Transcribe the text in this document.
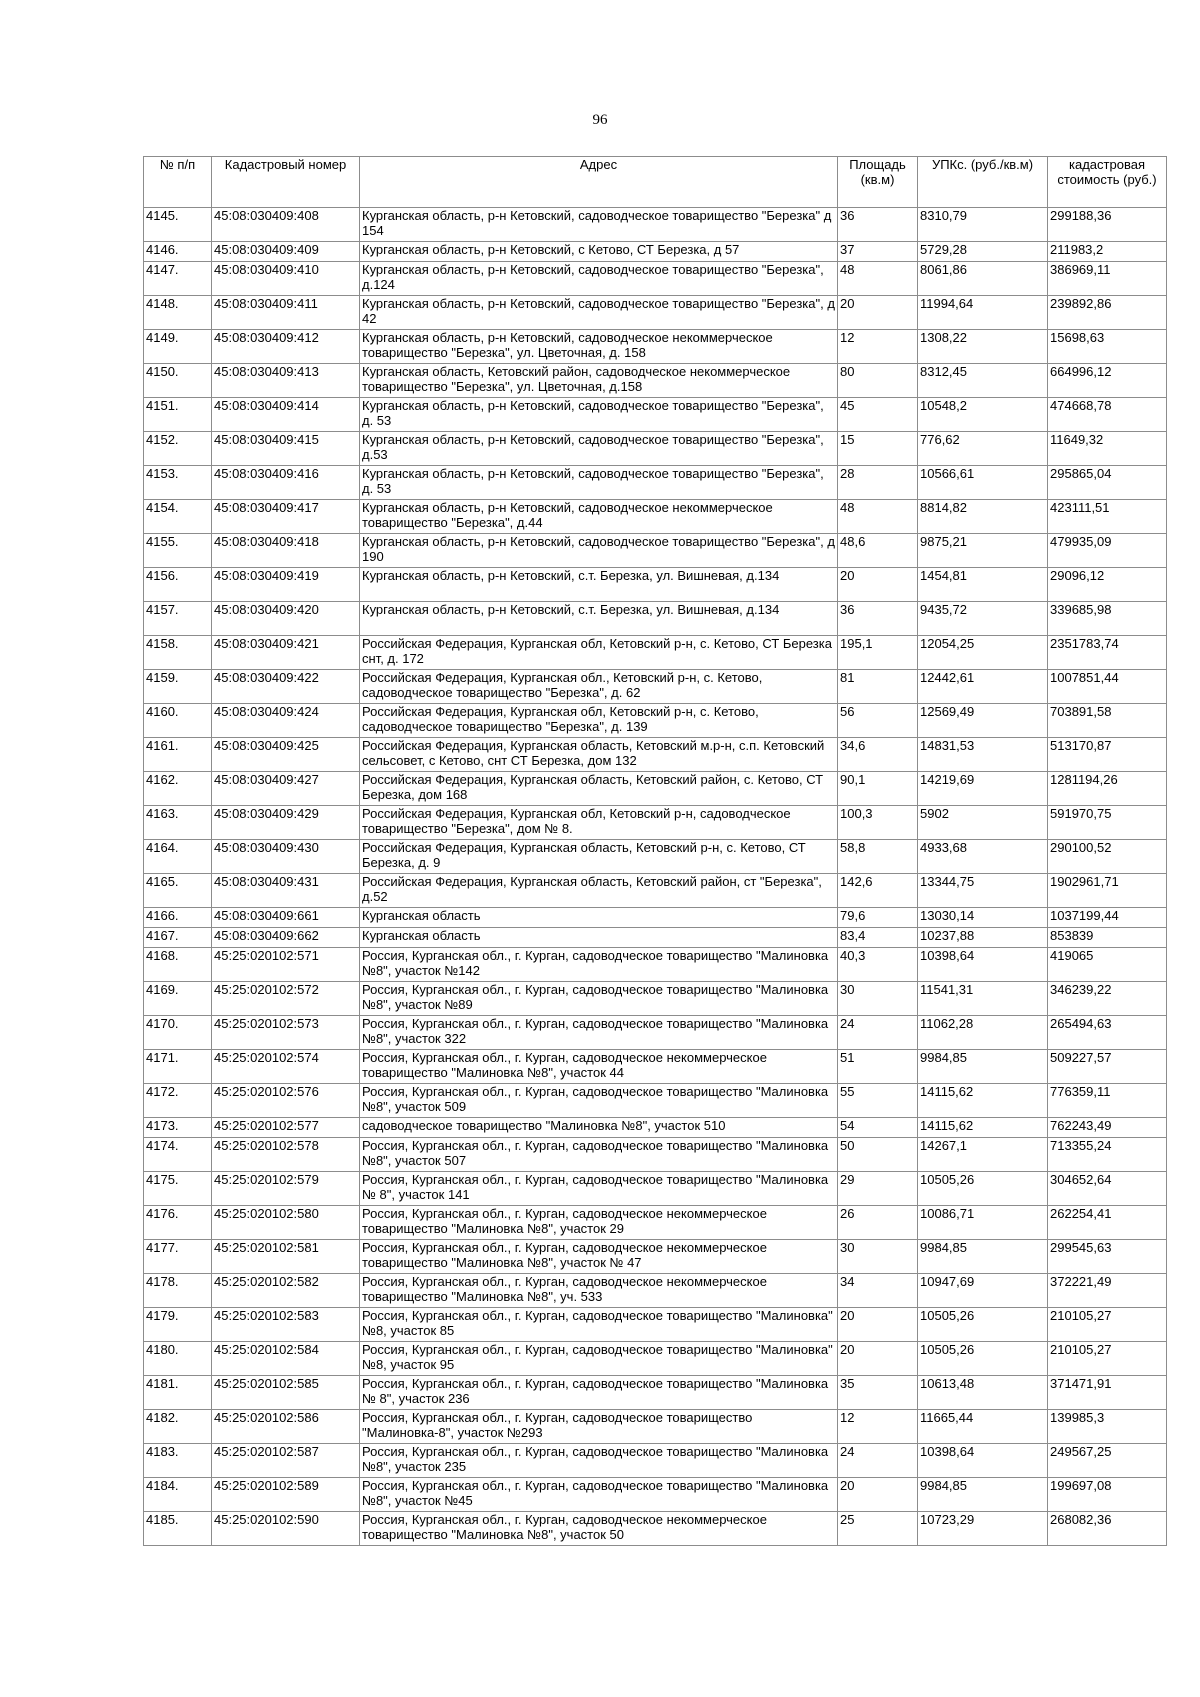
96
№ п/п	Кадастровый номер	Адрес	Площадь (кв.м)	УПКс. (руб./кв.м)	кадастровая стоимость (руб.)
4145.	45:08:030409:408	Курганская область, р-н Кетовский, садоводческое товарищество "Березка" д 154	36	8310,79	299188,36
4146.	45:08:030409:409	Курганская область, р-н Кетовский, с Кетово, СТ Березка, д 57	37	5729,28	211983,2
4147.	45:08:030409:410	Курганская область, р-н Кетовский, садоводческое товарищество "Березка", д.124	48	8061,86	386969,11
4148.	45:08:030409:411	Курганская область, р-н Кетовский, садоводческое товарищество "Березка", д 42	20	11994,64	239892,86
4149.	45:08:030409:412	Курганская область, р-н Кетовский, садоводческое некоммерческое товарищество "Березка", ул. Цветочная, д. 158	12	1308,22	15698,63
4150.	45:08:030409:413	Курганская область, Кетовский район, садоводческое некоммерческое товарищество "Березка", ул. Цветочная, д.158	80	8312,45	664996,12
4151.	45:08:030409:414	Курганская область, р-н Кетовский, садоводческое товарищество "Березка", д. 53	45	10548,2	474668,78
4152.	45:08:030409:415	Курганская область, р-н Кетовский, садоводческое товарищество "Березка", д.53	15	776,62	11649,32
4153.	45:08:030409:416	Курганская область, р-н Кетовский, садоводческое товарищество "Березка", д. 53	28	10566,61	295865,04
4154.	45:08:030409:417	Курганская область, р-н Кетовский, садоводческое некоммерческое товарищество "Березка", д.44	48	8814,82	423111,51
4155.	45:08:030409:418	Курганская область, р-н Кетовский, садоводческое товарищество "Березка", д 190	48,6	9875,21	479935,09
4156.	45:08:030409:419	Курганская область, р-н Кетовский, с.т. Березка, ул. Вишневая, д.134	20	1454,81	29096,12
4157.	45:08:030409:420	Курганская область, р-н Кетовский, с.т. Березка, ул. Вишневая, д.134	36	9435,72	339685,98
4158.	45:08:030409:421	Российская Федерация, Курганская обл, Кетовский р-н, с. Кетово, СТ Березка снт, д. 172	195,1	12054,25	2351783,74
4159.	45:08:030409:422	Российская Федерация, Курганская обл., Кетовский р-н, с. Кетово, садоводческое товарищество "Березка", д. 62	81	12442,61	1007851,44
4160.	45:08:030409:424	Российская Федерация, Курганская обл, Кетовский р-н, с. Кетово, садоводческое товарищество "Березка", д. 139	56	12569,49	703891,58
4161.	45:08:030409:425	Российская Федерация, Курганская область, Кетовский м.р-н, с.п. Кетовский сельсовет, с Кетово, снт СТ Березка, дом 132	34,6	14831,53	513170,87
4162.	45:08:030409:427	Российская Федерация, Курганская область, Кетовский район, с. Кетово, СТ Березка, дом 168	90,1	14219,69	1281194,26
4163.	45:08:030409:429	Российская Федерация, Курганская обл, Кетовский р-н, садоводческое товарищество "Березка", дом № 8.	100,3	5902	591970,75
4164.	45:08:030409:430	Российская Федерация, Курганская область, Кетовский р-н, с. Кетово, СТ Березка, д. 9	58,8	4933,68	290100,52
4165.	45:08:030409:431	Российская Федерация, Курганская область, Кетовский район, ст "Березка", д.52	142,6	13344,75	1902961,71
4166.	45:08:030409:661	Курганская область	79,6	13030,14	1037199,44
4167.	45:08:030409:662	Курганская область	83,4	10237,88	853839
4168.	45:25:020102:571	Россия, Курганская обл., г. Курган, садоводческое товарищество "Малиновка №8", участок №142	40,3	10398,64	419065
4169.	45:25:020102:572	Россия, Курганская обл., г. Курган, садоводческое товарищество "Малиновка №8", участок №89	30	11541,31	346239,22
4170.	45:25:020102:573	Россия, Курганская обл., г. Курган, садоводческое товарищество "Малиновка №8", участок 322	24	11062,28	265494,63
4171.	45:25:020102:574	Россия, Курганская обл., г. Курган, садоводческое некоммерческое товарищество "Малиновка №8", участок 44	51	9984,85	509227,57
4172.	45:25:020102:576	Россия, Курганская обл., г. Курган, садоводческое товарищество "Малиновка №8", участок 509	55	14115,62	776359,11
4173.	45:25:020102:577	садоводческое товарищество "Малиновка №8", участок 510	54	14115,62	762243,49
4174.	45:25:020102:578	Россия, Курганская обл., г. Курган, садоводческое товарищество "Малиновка №8", участок 507	50	14267,1	713355,24
4175.	45:25:020102:579	Россия, Курганская обл., г. Курган, садоводческое товарищество "Малиновка № 8", участок 141	29	10505,26	304652,64
4176.	45:25:020102:580	Россия, Курганская обл., г. Курган, садоводческое некоммерческое товарищество "Малиновка №8", участок 29	26	10086,71	262254,41
4177.	45:25:020102:581	Россия, Курганская обл., г. Курган, садоводческое некоммерческое товарищество "Малиновка №8", участок № 47	30	9984,85	299545,63
4178.	45:25:020102:582	Россия, Курганская обл., г. Курган, садоводческое некоммерческое товарищество "Малиновка №8", уч. 533	34	10947,69	372221,49
4179.	45:25:020102:583	Россия, Курганская обл., г. Курган, садоводческое товарищество "Малиновка" №8, участок 85	20	10505,26	210105,27
4180.	45:25:020102:584	Россия, Курганская обл., г. Курган, садоводческое товарищество "Малиновка" №8, участок 95	20	10505,26	210105,27
4181.	45:25:020102:585	Россия, Курганская обл., г. Курган, садоводческое товарищество "Малиновка № 8", участок 236	35	10613,48	371471,91
4182.	45:25:020102:586	Россия, Курганская обл., г. Курган, садоводческое товарищество "Малиновка-8", участок №293	12	11665,44	139985,3
4183.	45:25:020102:587	Россия, Курганская обл., г. Курган, садоводческое товарищество "Малиновка №8", участок 235	24	10398,64	249567,25
4184.	45:25:020102:589	Россия, Курганская обл., г. Курган, садоводческое товарищество "Малиновка №8", участок №45	20	9984,85	199697,08
4185.	45:25:020102:590	Россия, Курганская обл., г. Курган, садоводческое некоммерческое товарищество "Малиновка №8", участок 50	25	10723,29	268082,36
